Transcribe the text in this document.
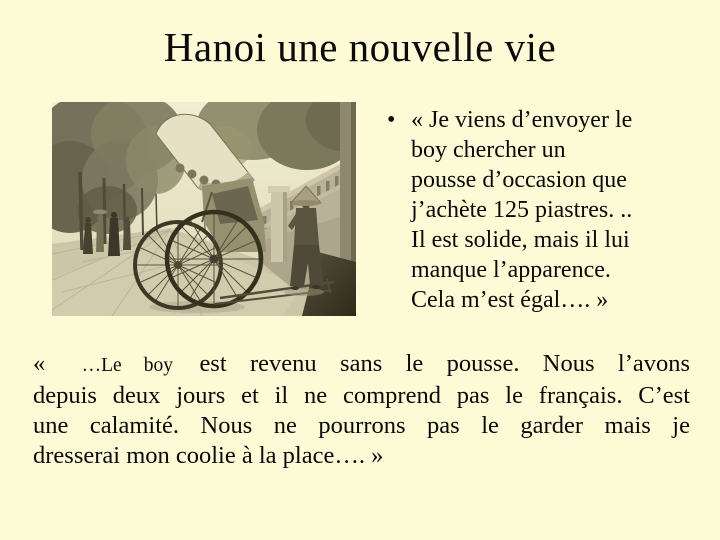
Hanoi une nouvelle vie
• « Je viens d’envoyer le
boy chercher un
pousse d’occasion que
j’achète 125 piastres. ..
Il est solide, mais il lui
manque l’apparence.
Cela m’est égal…. »
« …Le boy est revenu sans le pousse. Nous l’avons
depuis deux jours et il ne comprend pas le français. C’est
une calamité. Nous ne pourrons pas le garder mais je
dresserai mon coolie à la place…. »
